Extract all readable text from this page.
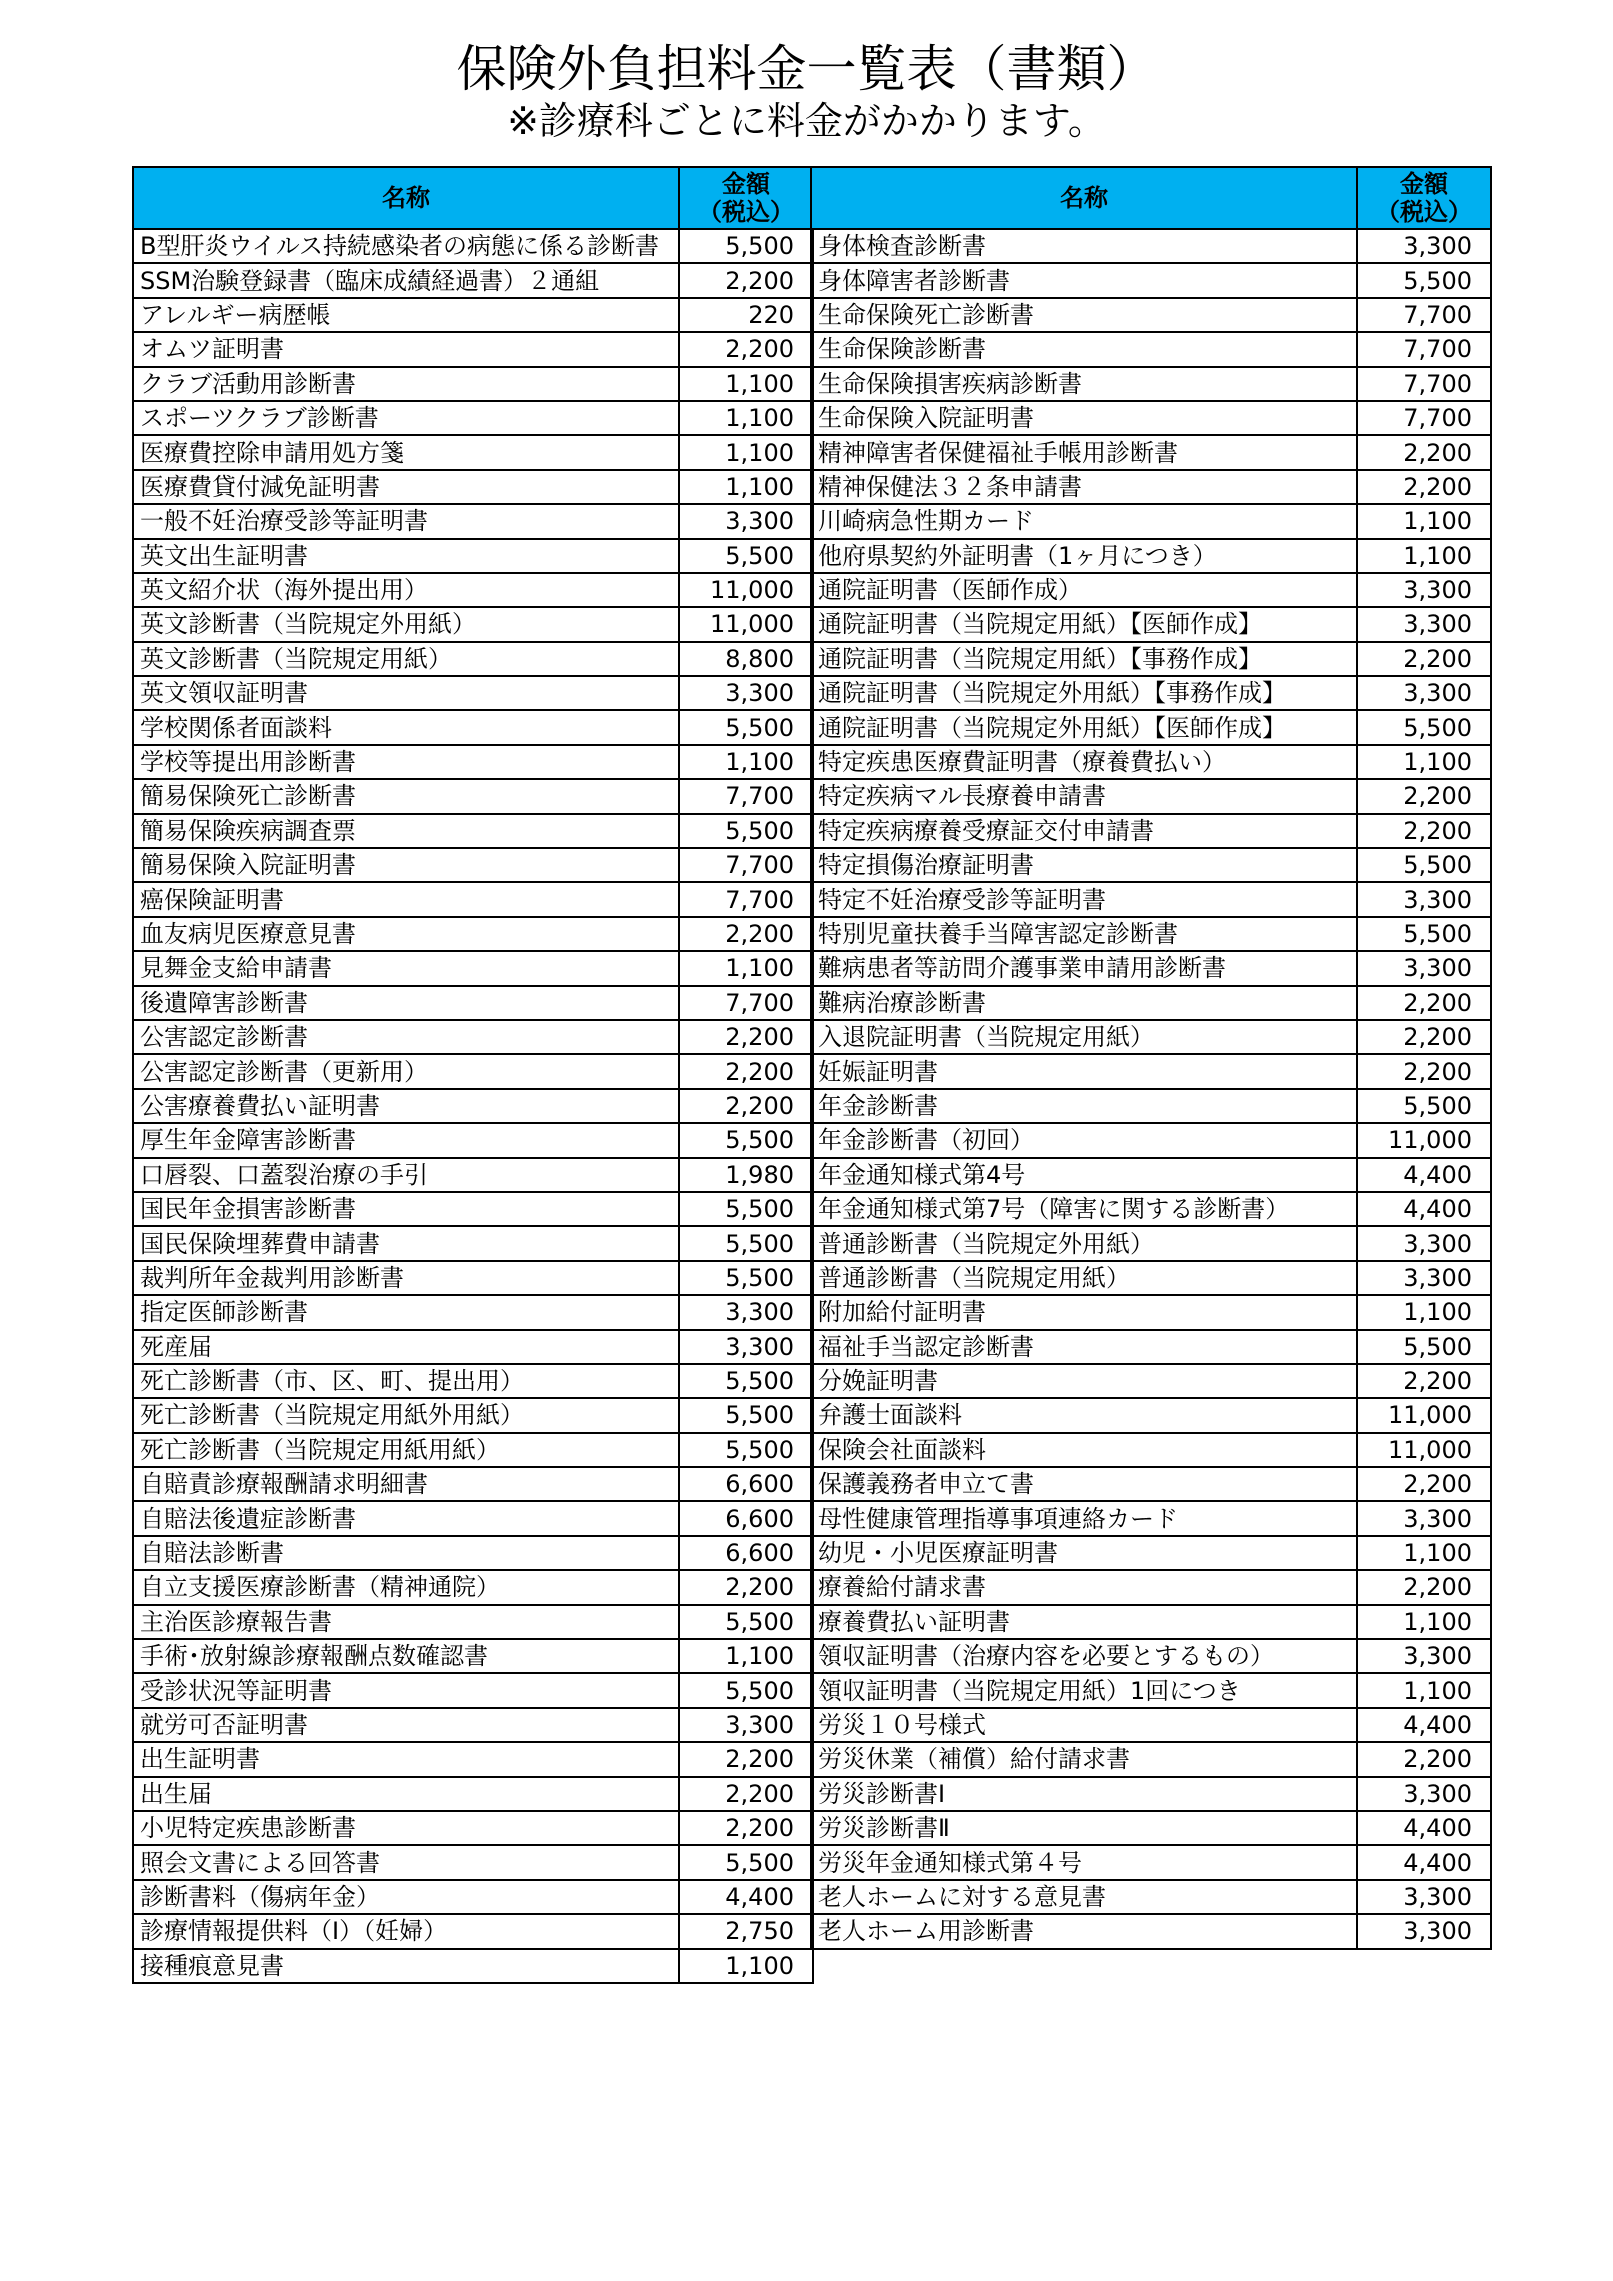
保険外負担料金一覧表（書類）
※診療科ごとに料金がかかります。
名称	金額
（税込）

B型肝炎ウイルス持続感染者の病態に係る診断書	5,500
SSM治験登録書（臨床成績経過書）２通組	2,200
アレルギー病歴帳	220
オムツ証明書	2,200
クラブ活動用診断書	1,100
スポーツクラブ診断書	1,100
医療費控除申請用処方箋	1,100
医療費貸付減免証明書	1,100
一般不妊治療受診等証明書	3,300
英文出生証明書	5,500
英文紹介状（海外提出用）	11,000
英文診断書（当院規定外用紙）	11,000
英文診断書（当院規定用紙）	8,800
英文領収証明書	3,300
学校関係者面談料	5,500
学校等提出用診断書	1,100
簡易保険死亡診断書	7,700
簡易保険疾病調査票	5,500
簡易保険入院証明書	7,700
癌保険証明書	7,700
血友病児医療意見書	2,200
見舞金支給申請書	1,100
後遺障害診断書	7,700
公害認定診断書	2,200
公害認定診断書（更新用）	2,200
公害療養費払い証明書	2,200
厚生年金障害診断書	5,500
口唇裂、口蓋裂治療の手引	1,980
国民年金損害診断書	5,500
国民保険埋葬費申請書	5,500
裁判所年金裁判用診断書	5,500
指定医師診断書	3,300
死産届	3,300
死亡診断書（市、区、町、提出用）	5,500
死亡診断書（当院規定用紙外用紙）	5,500
死亡診断書（当院規定用紙用紙）	5,500
自賠責診療報酬請求明細書	6,600
自賠法後遺症診断書	6,600
自賠法診断書	6,600
自立支援医療診断書（精神通院）	2,200
主治医診療報告書	5,500
手術･放射線診療報酬点数確認書	1,100
受診状況等証明書	5,500
就労可否証明書	3,300
出生証明書	2,200
出生届	2,200
小児特定疾患診断書	2,200
照会文書による回答書	5,500
診断書料（傷病年金）	4,400
診療情報提供料（Ⅰ）（妊婦）	2,750
接種痕意見書	1,100
名称	金額
（税込）

身体検査診断書	3,300
身体障害者診断書	5,500
生命保険死亡診断書	7,700
生命保険診断書	7,700
生命保険損害疾病診断書	7,700
生命保険入院証明書	7,700
精神障害者保健福祉手帳用診断書	2,200
精神保健法３２条申請書	2,200
川崎病急性期カード	1,100
他府県契約外証明書（1ヶ月につき）	1,100
通院証明書（医師作成）	3,300
通院証明書（当院規定用紙）【医師作成】	3,300
通院証明書（当院規定用紙）【事務作成】	2,200
通院証明書（当院規定外用紙）【事務作成】	3,300
通院証明書（当院規定外用紙）【医師作成】	5,500
特定疾患医療費証明書（療養費払い）	1,100
特定疾病マル長療養申請書	2,200
特定疾病療養受療証交付申請書	2,200
特定損傷治療証明書	5,500
特定不妊治療受診等証明書	3,300
特別児童扶養手当障害認定診断書	5,500
難病患者等訪問介護事業申請用診断書	3,300
難病治療診断書	2,200
入退院証明書（当院規定用紙）	2,200
妊娠証明書	2,200
年金診断書	5,500
年金診断書（初回）	11,000
年金通知様式第4号	4,400
年金通知様式第7号（障害に関する診断書）	4,400
普通診断書（当院規定外用紙）	3,300
普通診断書（当院規定用紙）	3,300
附加給付証明書	1,100
福祉手当認定診断書	5,500
分娩証明書	2,200
弁護士面談料	11,000
保険会社面談料	11,000
保護義務者申立て書	2,200
母性健康管理指導事項連絡カード	3,300
幼児・小児医療証明書	1,100
療養給付請求書	2,200
療養費払い証明書	1,100
領収証明書（治療内容を必要とするもの）	3,300
領収証明書（当院規定用紙）1回につき	1,100
労災１０号様式	4,400
労災休業（補償）給付請求書	2,200
労災診断書Ⅰ	3,300
労災診断書Ⅱ	4,400
労災年金通知様式第４号	4,400
老人ホームに対する意見書	3,300
老人ホーム用診断書	3,300
